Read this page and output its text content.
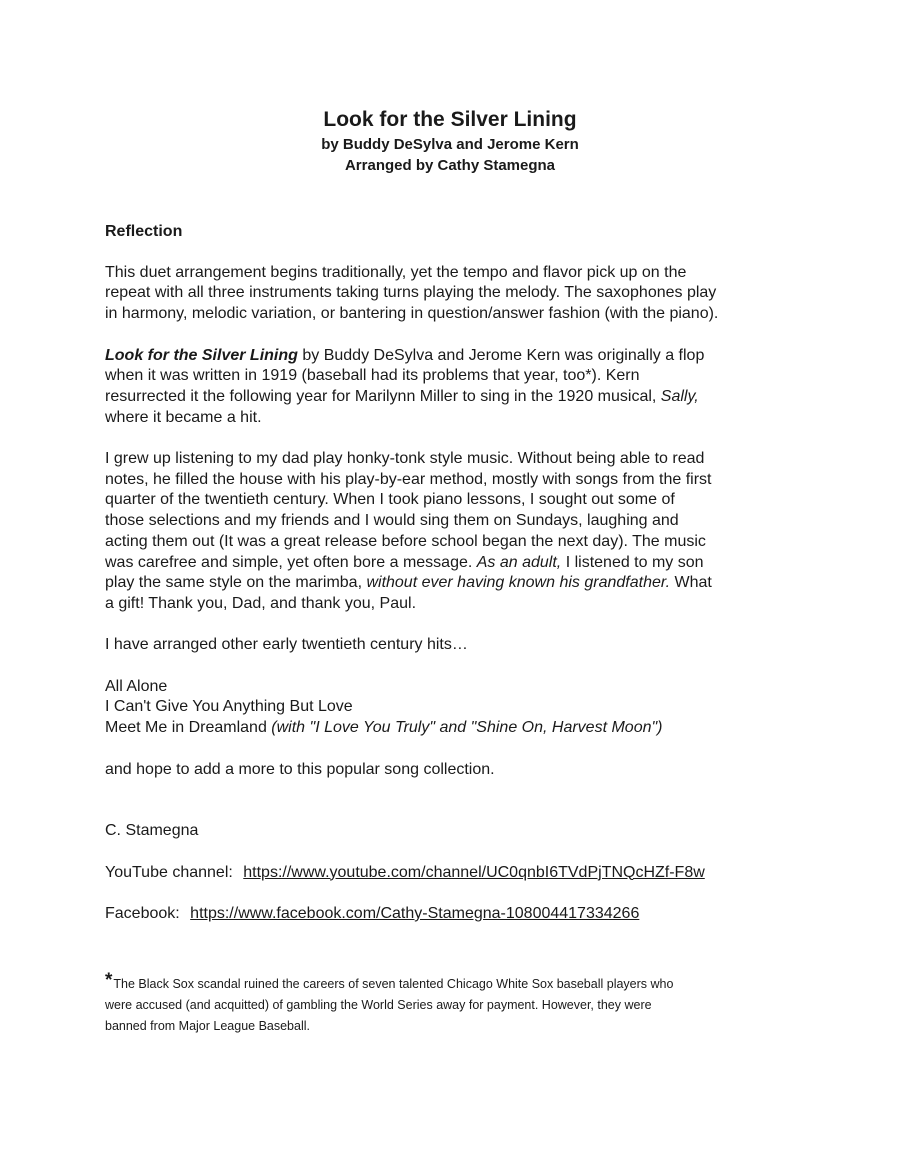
Look for the Silver Lining
by Buddy DeSylva and Jerome Kern
Arranged by Cathy Stamegna
Reflection

This duet arrangement begins traditionally, yet the tempo and flavor pick up on the
repeat with all three instruments taking turns playing the melody. The saxophones play
in harmony, melodic variation, or bantering in question/answer fashion (with the piano).

Look for the Silver Lining by Buddy DeSylva and Jerome Kern was originally a flop
when it was written in 1919 (baseball had its problems that year, too*). Kern
resurrected it the following year for Marilynn Miller to sing in the 1920 musical, Sally,
where it became a hit.

I grew up listening to my dad play honky-tonk style music. Without being able to read
notes, he filled the house with his play-by-ear method, mostly with songs from the first
quarter of the twentieth century. When I took piano lessons, I sought out some of
those selections and my friends and I would sing them on Sundays, laughing and
acting them out (It was a great release before school began the next day). The music
was carefree and simple, yet often bore a message. As an adult, I listened to my son
play the same style on the marimba, without ever having known his grandfather. What
a gift! Thank you, Dad, and thank you, Paul.

I have arranged other early twentieth century hits…

All Alone
I Can't Give You Anything But Love
Meet Me in Dreamland (with "I Love You Truly" and "Shine On, Harvest Moon")

and hope to add a more to this popular song collection.

C. Stamegna

YouTube channel: https://www.youtube.com/channel/UC0qnbI6TVdPjTNQcHZf-F8w

Facebook: https://www.facebook.com/Cathy-Stamegna-108004417334266

*The Black Sox scandal ruined the careers of seven talented Chicago White Sox baseball players who
were accused (and acquitted) of gambling the World Series away for payment. However, they were
banned from Major League Baseball.
